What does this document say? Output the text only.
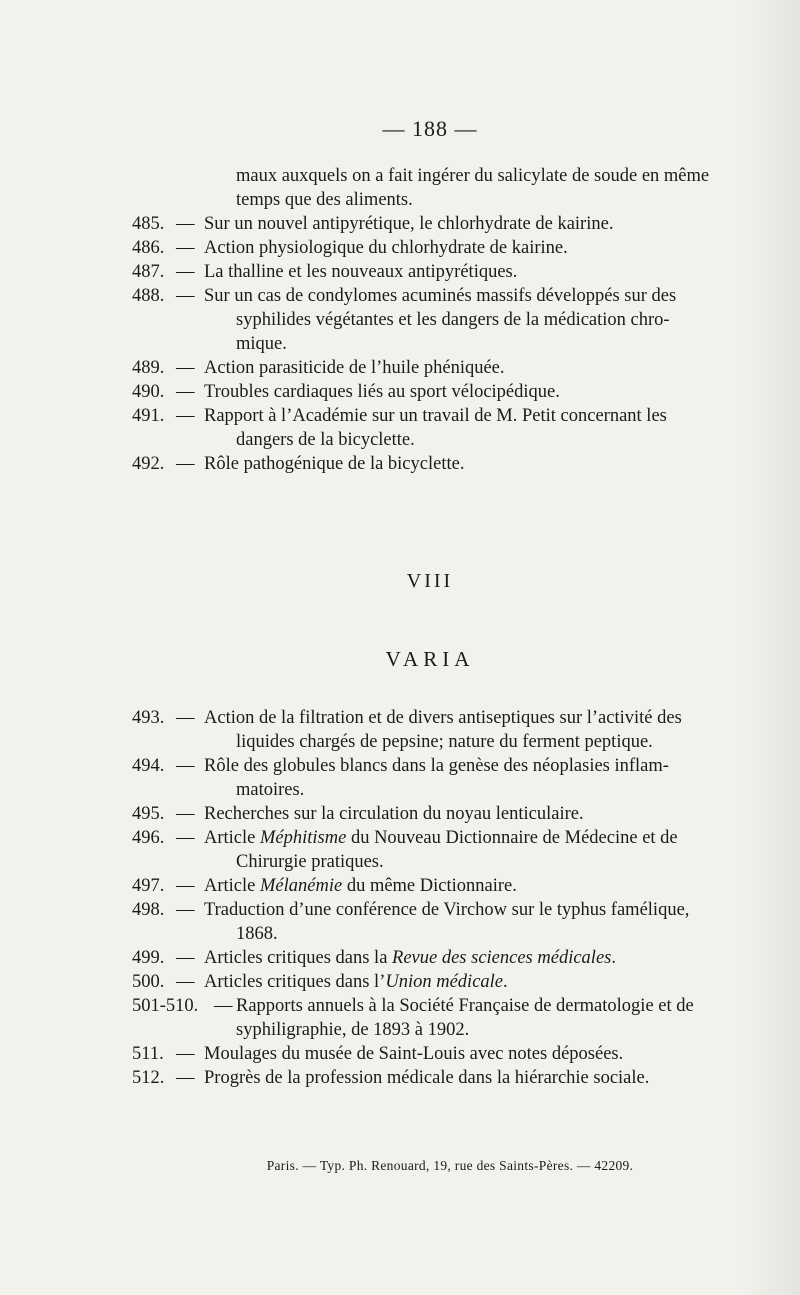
— 188 —
maux auxquels on a fait ingérer du salicylate de soude en même
temps que des aliments.
485. — Sur un nouvel antipyrétique, le chlorhydrate de kairine.
486. — Action physiologique du chlorhydrate de kairine.
487. — La thalline et les nouveaux antipyrétiques.
488. — Sur un cas de condylomes acuminés massifs développés sur des
syphilides végétantes et les dangers de la médication chro-
mique.
489. — Action parasiticide de l’huile phéniquée.
490. — Troubles cardiaques liés au sport vélocipédique.
491. — Rapport à l’Académie sur un travail de M. Petit concernant les
dangers de la bicyclette.
492. — Rôle pathogénique de la bicyclette.
VIII
VARIA
493. — Action de la filtration et de divers antiseptiques sur l’activité des
liquides chargés de pepsine; nature du ferment peptique.
494. — Rôle des globules blancs dans la genèse des néoplasies inflam-
matoires.
495. — Recherches sur la circulation du noyau lenticulaire.
496. — Article Méphitisme du Nouveau Dictionnaire de Médecine et de
Chirurgie pratiques.
497. — Article Mélanémie du même Dictionnaire.
498. — Traduction d’une conférence de Virchow sur le typhus famélique,
1868.
499. — Articles critiques dans la Revue des sciences médicales.
500. — Articles critiques dans l’Union médicale.
501-510. — Rapports annuels à la Société Française de dermatologie et de
syphiligraphie, de 1893 à 1902.
511. — Moulages du musée de Saint-Louis avec notes déposées.
512. — Progrès de la profession médicale dans la hiérarchie sociale.
Paris. — Typ. Ph. Renouard, 19, rue des Saints-Pères. — 42209.
